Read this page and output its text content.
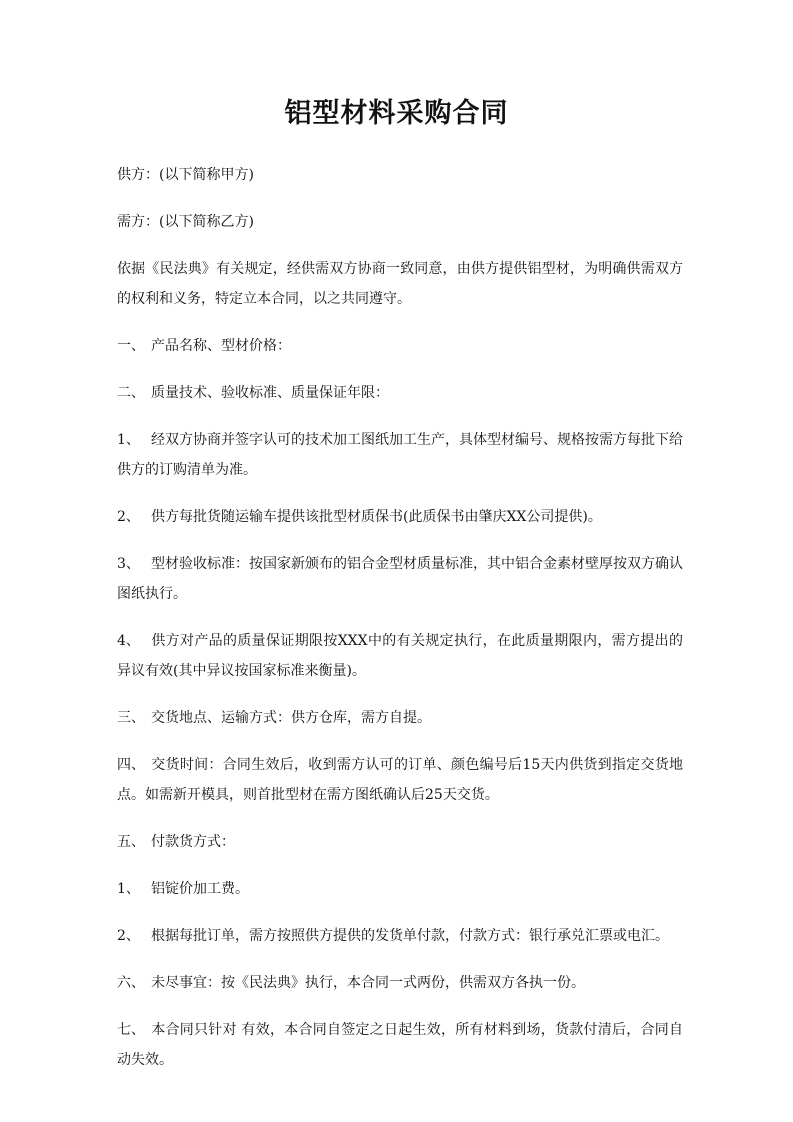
铝型材料采购合同

供方：(以下简称甲方)

需方：(以下简称乙方)

依据《民法典》有关规定，经供需双方协商一致同意，由供方提供铝型材，为明确供需双方的权利和义务，特定立本合同，以之共同遵守。

一、 产品名称、型材价格：

二、 质量技术、验收标准、质量保证年限：

1、 经双方协商并签字认可的技术加工图纸加工生产，具体型材编号、规格按需方每批下给供方的订购清单为准。

2、 供方每批货随运输车提供该批型材质保书(此质保书由肇庆XX公司提供)。

3、 型材验收标准：按国家新颁布的铝合金型材质量标准，其中铝合金素材壁厚按双方确认图纸执行。

4、 供方对产品的质量保证期限按XXX中的有关规定执行，在此质量期限内，需方提出的异议有效(其中异议按国家标准来衡量)。

三、 交货地点、运输方式：供方仓库，需方自提。

四、 交货时间：合同生效后，收到需方认可的订单、颜色编号后15天内供货到指定交货地点。如需新开模具，则首批型材在需方图纸确认后25天交货。

五、 付款货方式：

1、 铝锭价加工费。

2、 根据每批订单，需方按照供方提供的发货单付款，付款方式：银行承兑汇票或电汇。

六、 未尽事宜：按《民法典》执行，本合同一式两份，供需双方各执一份。

七、 本合同只针对 有效，本合同自签定之日起生效，所有材料到场，货款付清后，合同自动失效。
